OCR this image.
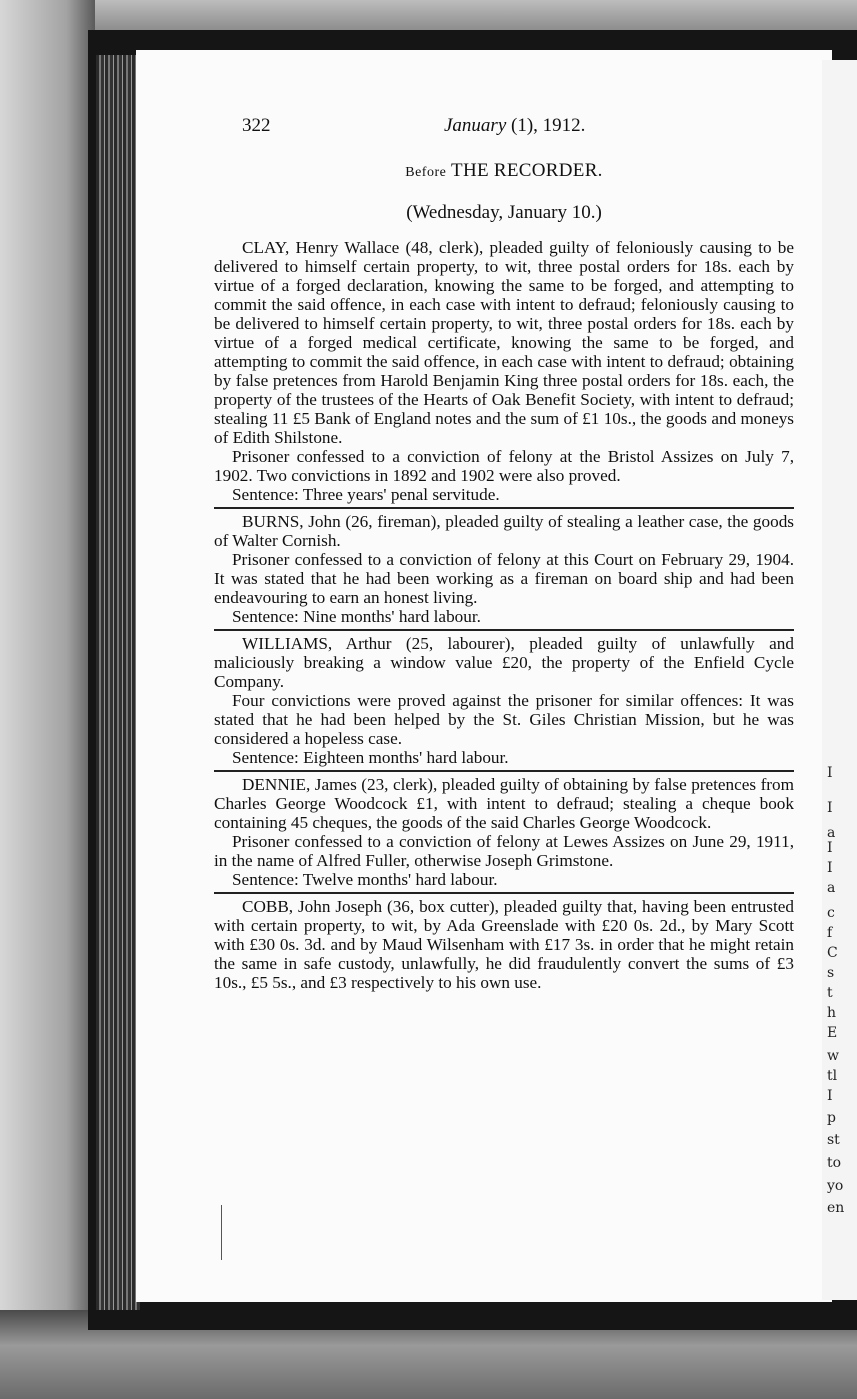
I
I
a
I
I
a
c
f
C
s
t
h
E
w
tl
I
p
st
to
yo
en
322	January (1), 1912.
Before THE RECORDER.
(Wednesday, January 10.)

CLAY, Henry Wallace (48, clerk), pleaded guilty of feloniously causing to be delivered to himself certain property, to wit, three postal orders for 18s. each by virtue of a forged declaration, knowing the same to be forged, and attempting to commit the said offence, in each case with intent to defraud; feloniously causing to be delivered to himself certain property, to wit, three postal orders for 18s. each by virtue of a forged medical certificate, knowing the same to be forged, and attempting to commit the said offence, in each case with intent to defraud; obtaining by false pretences from Harold Benjamin King three postal orders for 18s. each, the property of the trustees of the Hearts of Oak Benefit Society, with intent to defraud; stealing 11 £5 Bank of England notes and the sum of £1 10s., the goods and moneys of Edith Shilstone.

Prisoner confessed to a conviction of felony at the Bristol Assizes on July 7, 1902. Two convictions in 1892 and 1902 were also proved.

Sentence: Three years' penal servitude.

BURNS, John (26, fireman), pleaded guilty of stealing a leather case, the goods of Walter Cornish.

Prisoner confessed to a conviction of felony at this Court on February 29, 1904. It was stated that he had been working as a fireman on board ship and had been endeavouring to earn an honest living.

Sentence: Nine months' hard labour.

WILLIAMS, Arthur (25, labourer), pleaded guilty of unlawfully and maliciously breaking a window value £20, the property of the Enfield Cycle Company.

Four convictions were proved against the prisoner for similar offences: It was stated that he had been helped by the St. Giles Christian Mission, but he was considered a hopeless case.

Sentence: Eighteen months' hard labour.

DENNIE, James (23, clerk), pleaded guilty of obtaining by false pretences from Charles George Woodcock £1, with intent to defraud; stealing a cheque book containing 45 cheques, the goods of the said Charles George Woodcock.

Prisoner confessed to a conviction of felony at Lewes Assizes on June 29, 1911, in the name of Alfred Fuller, otherwise Joseph Grimstone.

Sentence: Twelve months' hard labour.

COBB, John Joseph (36, box cutter), pleaded guilty that, having been entrusted with certain property, to wit, by Ada Greenslade with £20 0s. 2d., by Mary Scott with £30 0s. 3d. and by Maud Wilsenham with £17 3s. in order that he might retain the same in safe custody, unlawfully, he did fraudulently convert the sums of £3 10s., £5 5s., and £3 respectively to his own use.
